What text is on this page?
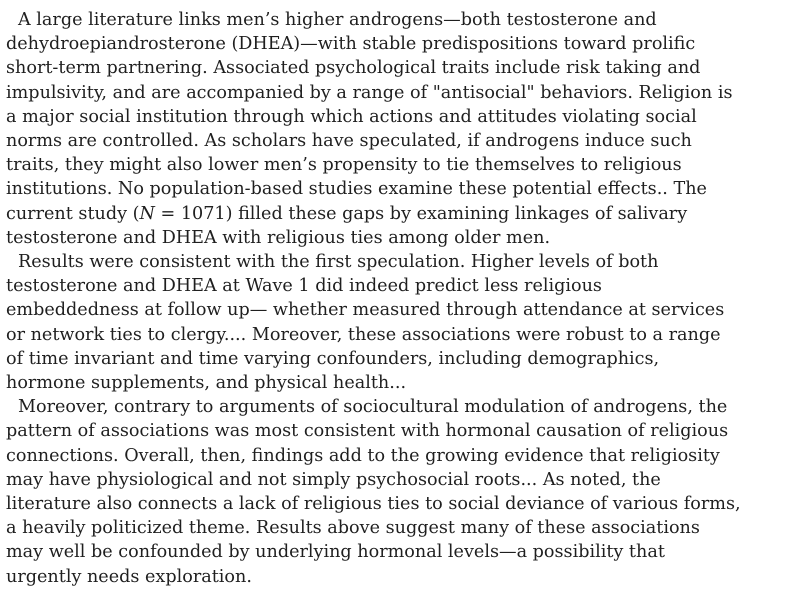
A large literature links men’s higher androgens—both testosterone and
dehydroepiandrosterone (DHEA)—with stable predispositions toward prolific
short-term partnering. Associated psychological traits include risk taking and
impulsivity, and are accompanied by a range of "antisocial" behaviors. Religion is
a major social institution through which actions and attitudes violating social
norms are controlled. As scholars have speculated, if androgens induce such
traits, they might also lower men’s propensity to tie themselves to religious
institutions. No population-based studies examine these potential effects.. The
current study (N = 1071) filled these gaps by examining linkages of salivary
testosterone and DHEA with religious ties among older men.

Results were consistent with the first speculation. Higher levels of both
testosterone and DHEA at Wave 1 did indeed predict less religious
embeddedness at follow up— whether measured through attendance at services
or network ties to clergy.... Moreover, these associations were robust to a range
of time invariant and time varying confounders, including demographics,
hormone supplements, and physical health...

Moreover, contrary to arguments of sociocultural modulation of androgens, the
pattern of associations was most consistent with hormonal causation of religious
connections. Overall, then, findings add to the growing evidence that religiosity
may have physiological and not simply psychosocial roots... As noted, the
literature also connects a lack of religious ties to social deviance of various forms,
a heavily politicized theme. Results above suggest many of these associations
may well be confounded by underlying hormonal levels—a possibility that
urgently needs exploration.
